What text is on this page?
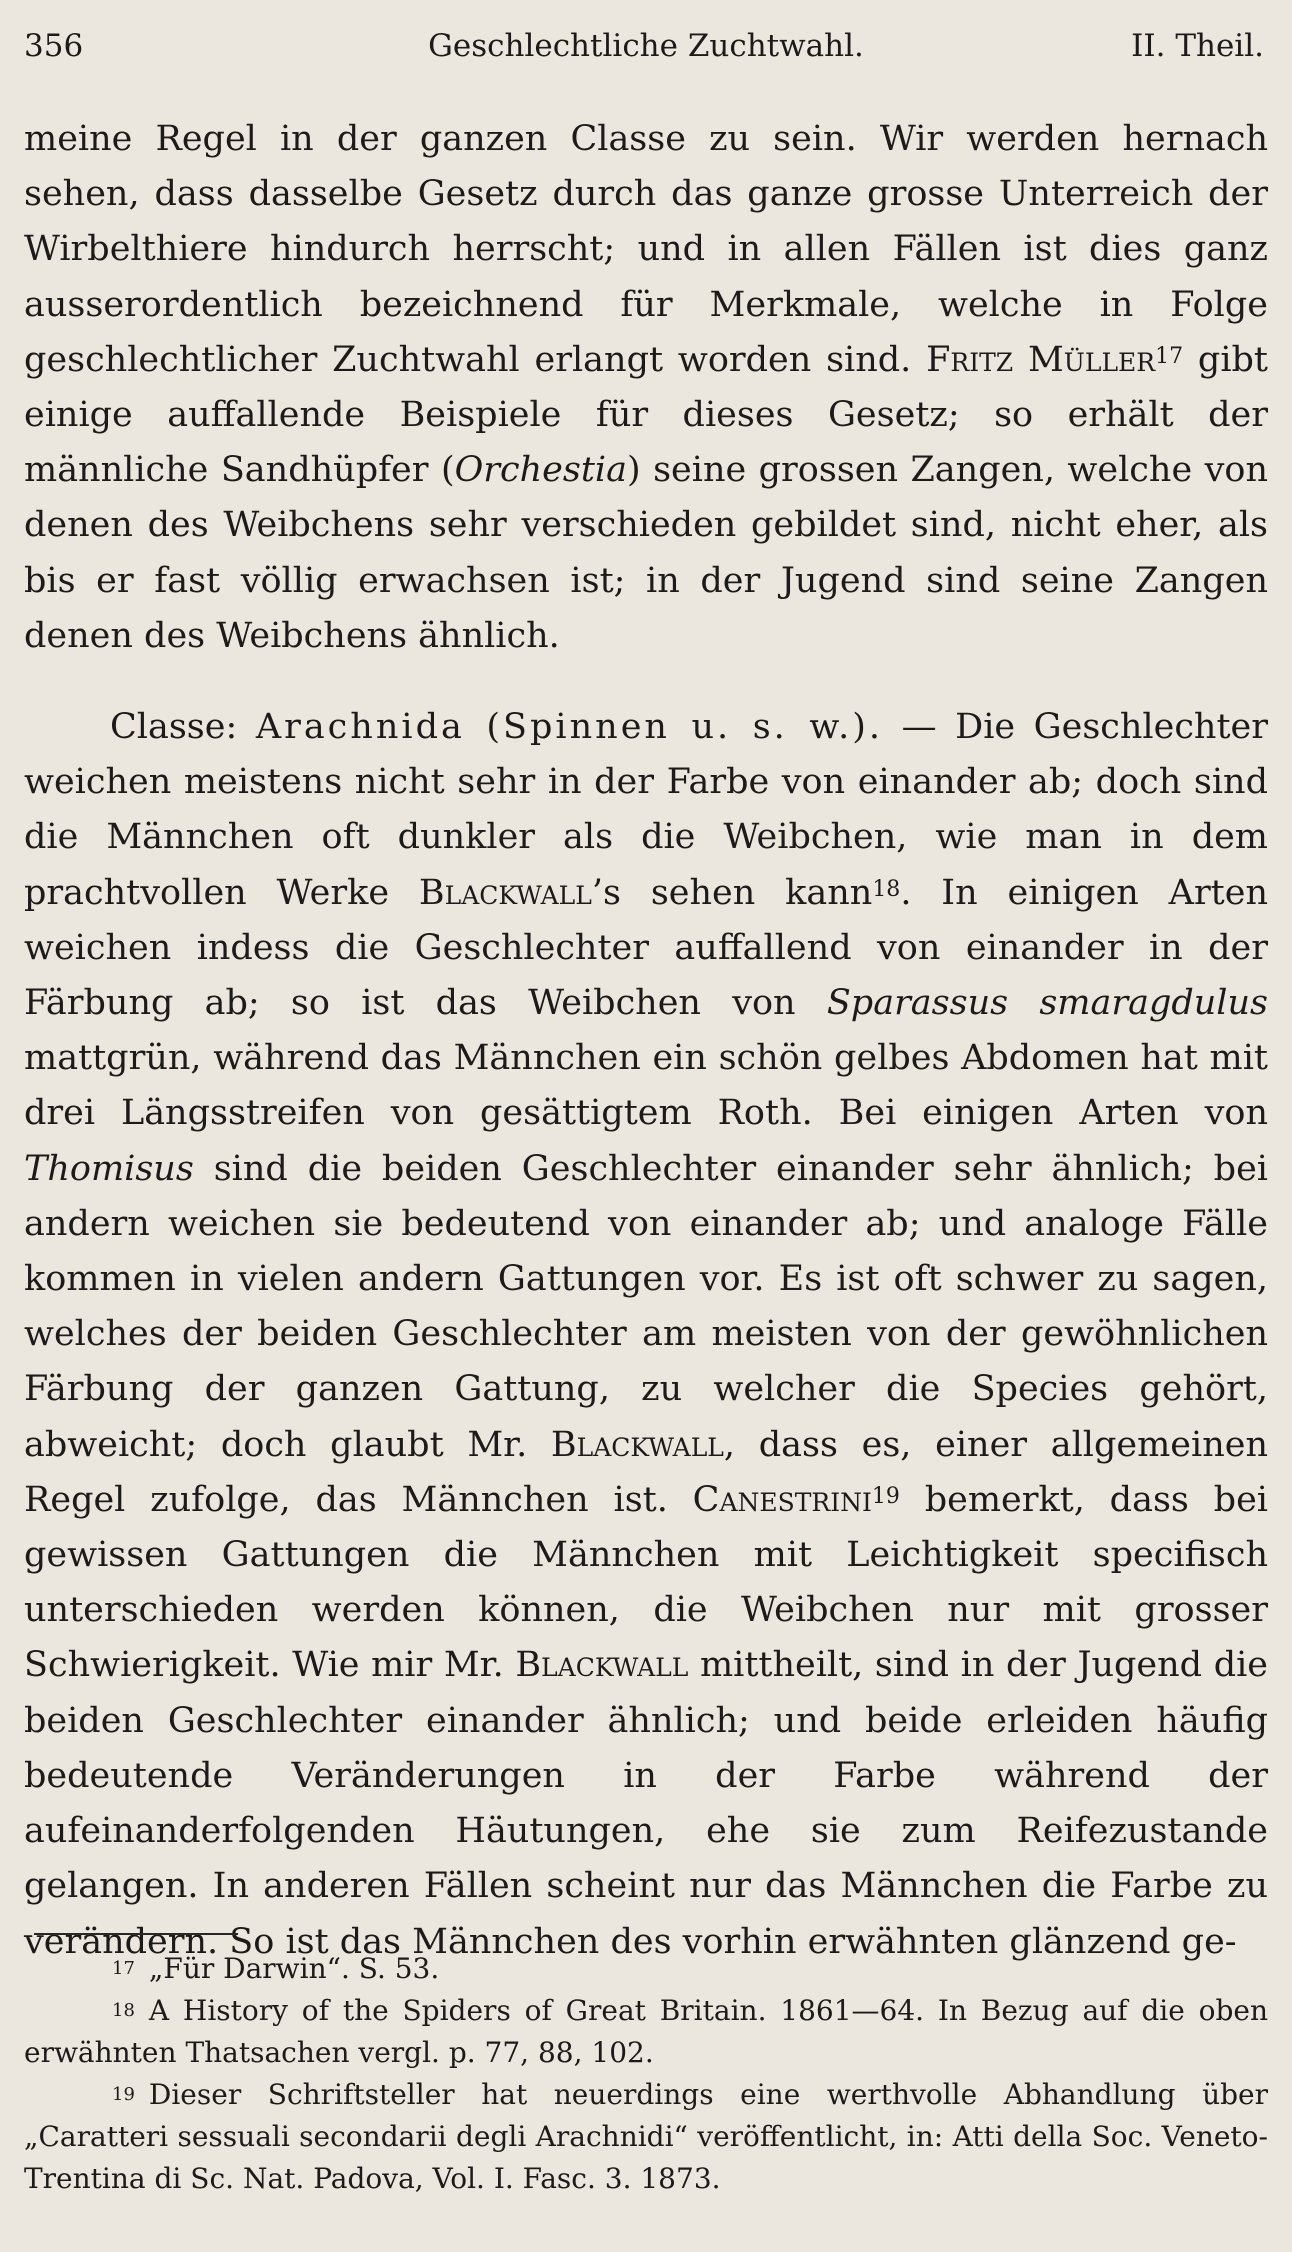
356	Geschlechtliche Zuchtwahl.	II. Theil.

meine Regel in der ganzen Classe zu sein. Wir werden hernach sehen, dass dasselbe Gesetz durch das ganze grosse Unterreich der Wirbelthiere hindurch herrscht; und in allen Fällen ist dies ganz ausserordentlich bezeichnend für Merkmale, welche in Folge geschlechtlicher Zuchtwahl erlangt worden sind. Fritz Müller$^{17}$ gibt einige auffallende Beispiele für dieses Gesetz; so erhält der männliche Sandhüpfer (Orchestia) seine grossen Zangen, welche von denen des Weibchens sehr verschieden gebildet sind, nicht eher, als bis er fast völlig erwachsen ist; in der Jugend sind seine Zangen denen des Weibchens ähnlich.

Classe: Arachnida (Spinnen u. s. w.). — Die Geschlechter weichen meistens nicht sehr in der Farbe von einander ab; doch sind die Männchen oft dunkler als die Weibchen, wie man in dem prachtvollen Werke Blackwall’s sehen kann$^{18}$. In einigen Arten weichen indess die Geschlechter auffallend von einander in der Färbung ab; so ist das Weibchen von Sparassus smaragdulus mattgrün, während das Männchen ein schön gelbes Abdomen hat mit drei Längsstreifen von gesättigtem Roth. Bei einigen Arten von Thomisus sind die beiden Geschlechter einander sehr ähnlich; bei andern weichen sie bedeutend von einander ab; und analoge Fälle kommen in vielen andern Gattungen vor. Es ist oft schwer zu sagen, welches der beiden Geschlechter am meisten von der gewöhnlichen Färbung der ganzen Gattung, zu welcher die Species gehört, abweicht; doch glaubt Mr. Blackwall, dass es, einer allgemeinen Regel zufolge, das Männchen ist. Canestrini$^{19}$ bemerkt, dass bei gewissen Gattungen die Männchen mit Leichtigkeit specifisch unterschieden werden können, die Weibchen nur mit grosser Schwierigkeit. Wie mir Mr. Blackwall mittheilt, sind in der Jugend die beiden Geschlechter einander ähnlich; und beide erleiden häufig bedeutende Veränderungen in der Farbe während der aufeinanderfolgenden Häutungen, ehe sie zum Reifezustande gelangen. In anderen Fällen scheint nur das Männchen die Farbe zu verändern. So ist das Männchen des vorhin erwähnten glänzend ge-

$^{17}$ „Für Darwin“. S. 53.

$^{18}$ A History of the Spiders of Great Britain. 1861—64. In Bezug auf die oben erwähnten Thatsachen vergl. p. 77, 88, 102.

$^{19}$ Dieser Schriftsteller hat neuerdings eine werthvolle Abhandlung über „Caratteri sessuali secondarii degli Arachnidi“ veröffentlicht, in: Atti della Soc. Veneto-Trentina di Sc. Nat. Padova, Vol. I. Fasc. 3. 1873.
